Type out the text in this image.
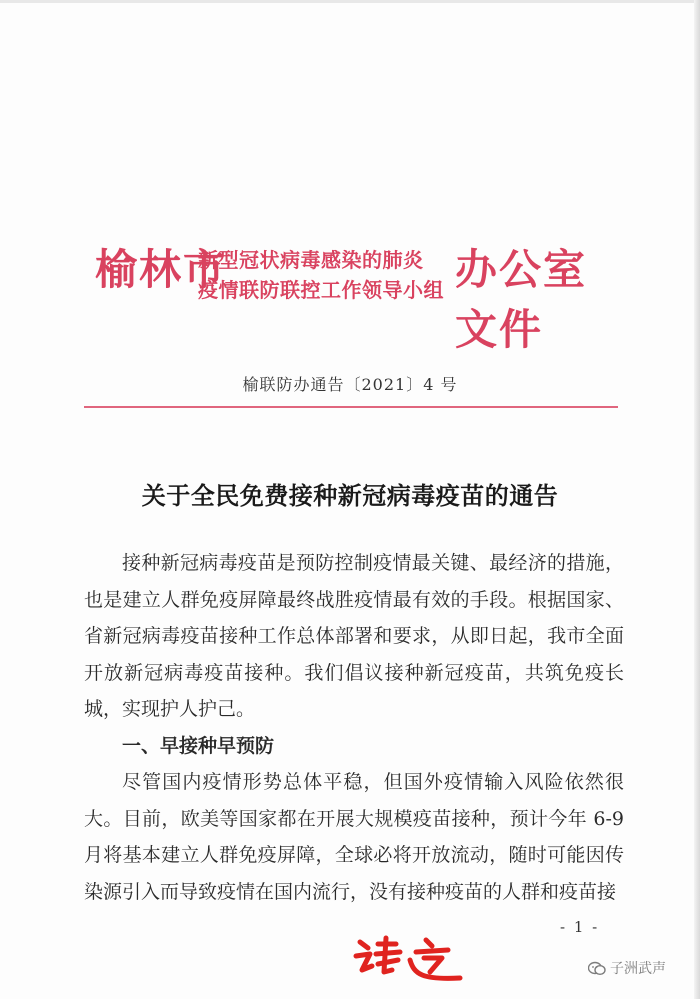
榆林市
新型冠状病毒感染的肺炎
疫情联防联控工作领导小组 办公室文件
榆联防办通告〔2021〕4 号
关于全民免费接种新冠病毒疫苗的通告

接种新冠病毒疫苗是预防控制疫情最关键、最经济的措施，也是建立人群免疫屏障最终战胜疫情最有效的手段。根据国家、省新冠病毒疫苗接种工作总体部署和要求，从即日起，我市全面开放新冠病毒疫苗接种。我们倡议接种新冠疫苗，共筑免疫长城，实现护人护己。

一、早接种早预防

尽管国内疫情形势总体平稳，但国外疫情输入风险依然很大。目前，欧美等国家都在开展大规模疫苗接种，预计今年 6-9 月将基本建立人群免疫屏障，全球必将开放流动，随时可能因传染源引入而导致疫情在国内流行，没有接种疫苗的人群和疫苗接

- 1 -
子洲武声
